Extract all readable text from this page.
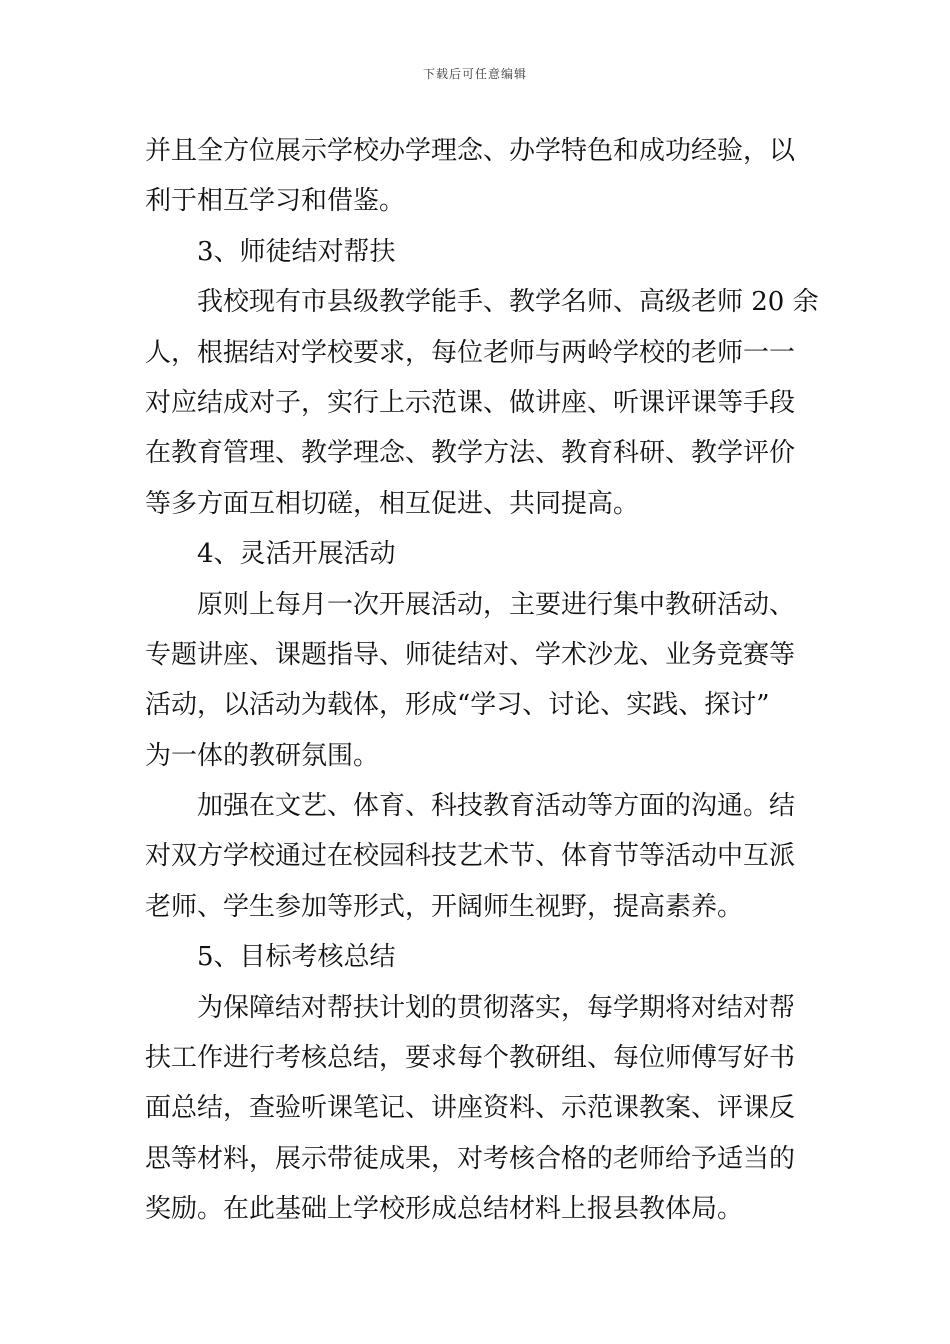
下载后可任意编辑
并且全方位展示学校办学理念、办学特色和成功经验，以
利于相互学习和借鉴。
3、师徒结对帮扶
我校现有市县级教学能手、教学名师、高级老师 20 余
人，根据结对学校要求，每位老师与两岭学校的老师一一
对应结成对子，实行上示范课、做讲座、听课评课等手段
在教育管理、教学理念、教学方法、教育科研、教学评价
等多方面互相切磋，相互促进、共同提高。
4、灵活开展活动
原则上每月一次开展活动，主要进行集中教研活动、
专题讲座、课题指导、师徒结对、学术沙龙、业务竞赛等
活动，以活动为载体，形成“学习、讨论、实践、探讨”
为一体的教研氛围。
加强在文艺、体育、科技教育活动等方面的沟通。结
对双方学校通过在校园科技艺术节、体育节等活动中互派
老师、学生参加等形式，开阔师生视野，提高素养。
5、目标考核总结
为保障结对帮扶计划的贯彻落实，每学期将对结对帮
扶工作进行考核总结，要求每个教研组、每位师傅写好书
面总结，查验听课笔记、讲座资料、示范课教案、评课反
思等材料，展示带徒成果，对考核合格的老师给予适当的
奖励。在此基础上学校形成总结材料上报县教体局。
